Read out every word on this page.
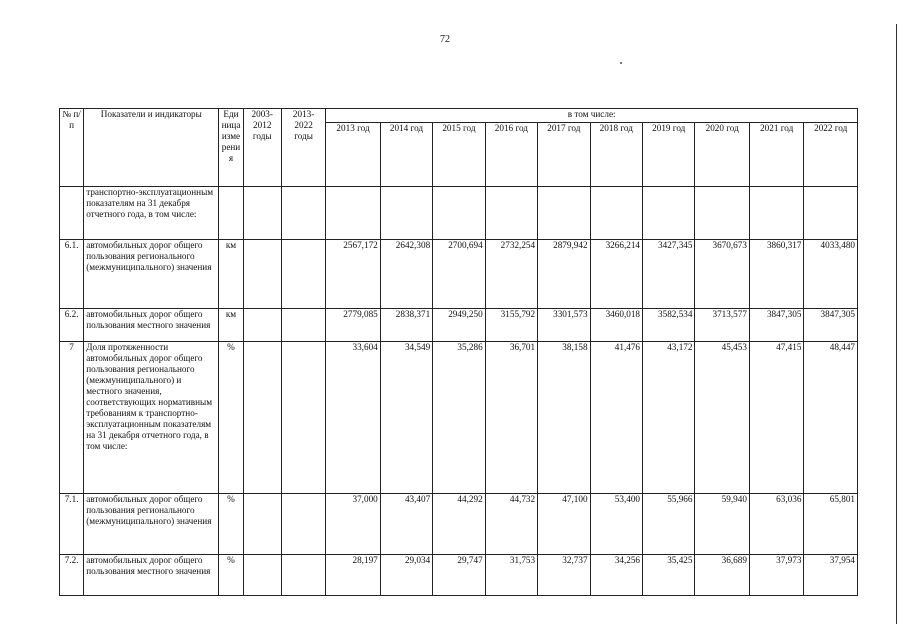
72
№ п/п	Показатели и индикаторы	Единица измерения	2003-2012 годы	2013-2022 годы	в том числе:									
					2013 год	2014 год	2015 год	2016 год	2017 год	2018 год	2019 год	2020 год	2021 год	2022 год
	транспортно-эксплуатационным показателям на 31 декабря отчетного года, в том числе:													
6.1.	автомобильных дорог общего пользования регионального (межмуниципального) значения	км			2567,172	2642,308	2700,694	2732,254	2879,942	3266,214	3427,345	3670,673	3860,317	4033,480
6.2.	автомобильных дорог общего пользования местного значения	км			2779,085	2838,371	2949,250	3155,792	3301,573	3460,018	3582,534	3713,577	3847,305	3847,305
7	Доля протяженности автомобильных дорог общего пользования регионального (межмуниципального) и местного значения, соответствующих нормативным требованиям к транспортно-эксплуатационным показателям на 31 декабря отчетного года, в том числе:	%			33,604	34,549	35,286	36,701	38,158	41,476	43,172	45,453	47,415	48,447
7.1.	автомобильных дорог общего пользования регионального (межмуниципального) значения	%			37,000	43,407	44,292	44,732	47,100	53,400	55,966	59,940	63,036	65,801
7.2.	автомобильных дорог общего пользования местного значения	%			28,197	29,034	29,747	31,753	32,737	34,256	35,425	36,689	37,973	37,954
